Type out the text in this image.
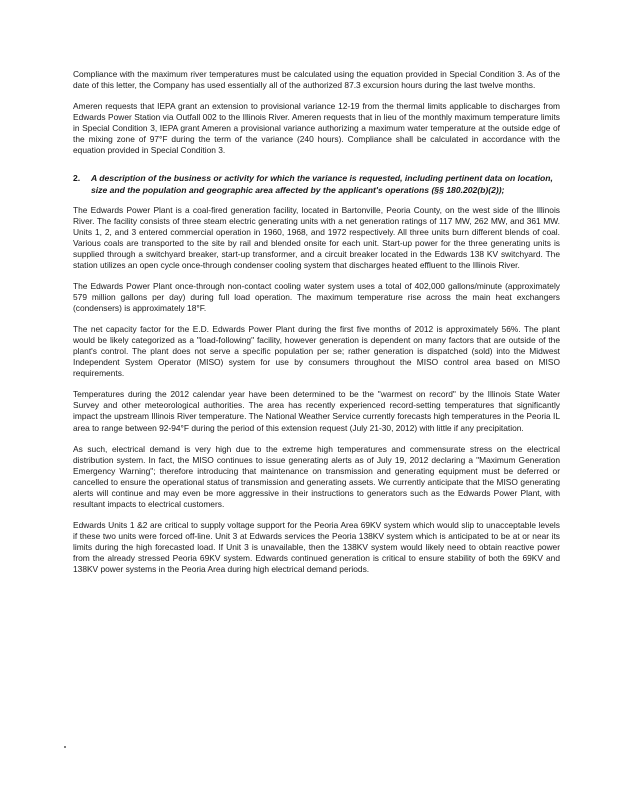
Compliance with the maximum river temperatures must be calculated using the equation provided in Special Condition 3. As of the date of this letter, the Company has used essentially all of the authorized 87.3 excursion hours during the last twelve months.

Ameren requests that IEPA grant an extension to provisional variance 12-19 from the thermal limits applicable to discharges from Edwards Power Station via Outfall 002 to the Illinois River. Ameren requests that in lieu of the monthly maximum temperature limits in Special Condition 3, IEPA grant Ameren a provisional variance authorizing a maximum water temperature at the outside edge of the mixing zone of 97°F during the term of the variance (240 hours). Compliance shall be calculated in accordance with the equation provided in Special Condition 3.

2.	A description of the business or activity for which the variance is requested, including pertinent data on location, size and the population and geographic area affected by the applicant's operations (§§ 180.202(b)(2));

The Edwards Power Plant is a coal-fired generation facility, located in Bartonville, Peoria County, on the west side of the Illinois River. The facility consists of three steam electric generating units with a net generation ratings of 117 MW, 262 MW, and 361 MW. Units 1, 2, and 3 entered commercial operation in 1960, 1968, and 1972 respectively. All three units burn different blends of coal. Various coals are transported to the site by rail and blended onsite for each unit. Start-up power for the three generating units is supplied through a switchyard breaker, start-up transformer, and a circuit breaker located in the Edwards 138 KV switchyard. The station utilizes an open cycle once-through condenser cooling system that discharges heated effluent to the Illinois River.

The Edwards Power Plant once-through non-contact cooling water system uses a total of 402,000 gallons/minute (approximately 579 million gallons per day) during full load operation. The maximum temperature rise across the main heat exchangers (condensers) is approximately 18°F.

The net capacity factor for the E.D. Edwards Power Plant during the first five months of 2012 is approximately 56%. The plant would be likely categorized as a "load-following" facility, however generation is dependent on many factors that are outside of the plant's control. The plant does not serve a specific population per se; rather generation is dispatched (sold) into the Midwest Independent System Operator (MISO) system for use by consumers throughout the MISO control area based on MISO requirements.

Temperatures during the 2012 calendar year have been determined to be the "warmest on record" by the Illinois State Water Survey and other meteorological authorities. The area has recently experienced record-setting temperatures that significantly impact the upstream Illinois River temperature. The National Weather Service currently forecasts high temperatures in the Peoria IL area to range between 92-94°F during the period of this extension request (July 21-30, 2012) with little if any precipitation.

As such, electrical demand is very high due to the extreme high temperatures and commensurate stress on the electrical distribution system. In fact, the MISO continues to issue generating alerts as of July 19, 2012 declaring a "Maximum Generation Emergency Warning"; therefore introducing that maintenance on transmission and generating equipment must be deferred or cancelled to ensure the operational status of transmission and generating assets. We currently anticipate that the MISO generating alerts will continue and may even be more aggressive in their instructions to generators such as the Edwards Power Plant, with resultant impacts to electrical customers.

Edwards Units 1 &2 are critical to supply voltage support for the Peoria Area 69KV system which would slip to unacceptable levels if these two units were forced off-line. Unit 3 at Edwards services the Peoria 138KV system which is anticipated to be at or near its limits during the high forecasted load. If Unit 3 is unavailable, then the 138KV system would likely need to obtain reactive power from the already stressed Peoria 69KV system. Edwards continued generation is critical to ensure stability of both the 69KV and 138KV power systems in the Peoria Area during high electrical demand periods.
